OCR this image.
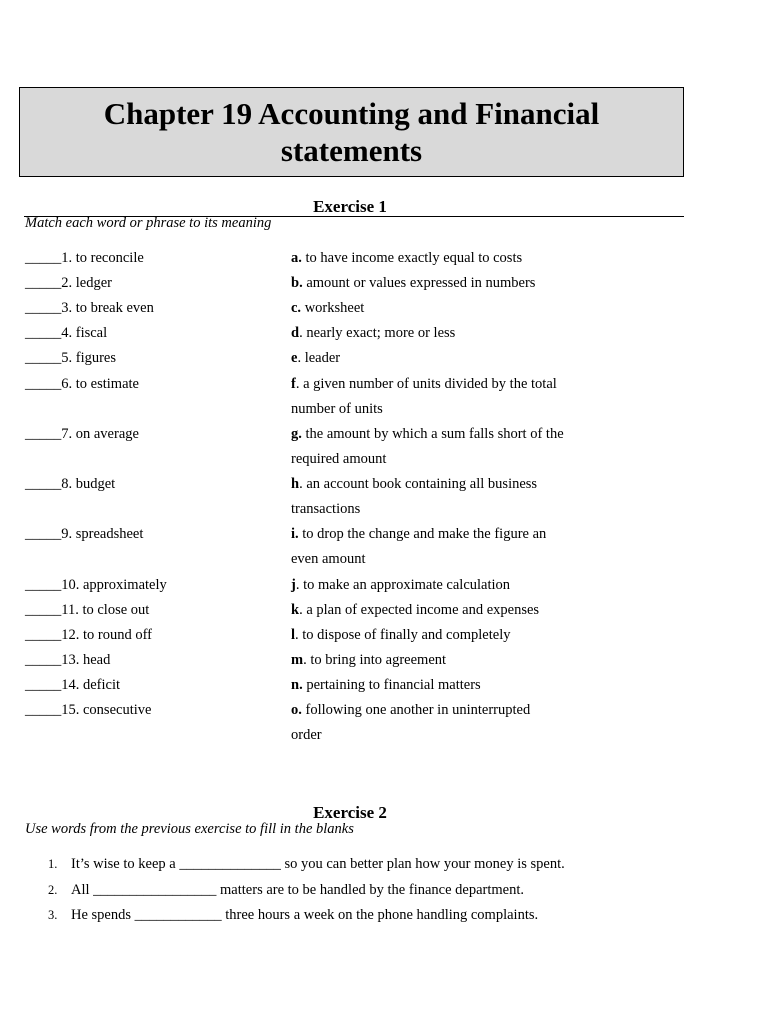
Chapter 19 Accounting and Financial statements
Exercise 1
Match each word or phrase to its meaning
_____1. to reconcile
_____2. ledger
_____3. to break even
_____4. fiscal
_____5. figures
_____6. to estimate
_____7. on average
_____8. budget
_____9. spreadsheet
_____10. approximately
_____11. to close out
_____12. to round off
_____13. head
_____14. deficit
_____15. consecutive
a. to have income exactly equal to costs
b. amount or values expressed in numbers
c. worksheet
d. nearly exact; more or less
e. leader
f. a given number of units divided by the total number of units
g. the amount by which a sum falls short of the required amount
h. an account book containing all business transactions
i. to drop the change and make the figure an even amount
j. to make an approximate calculation
k. a plan of expected income and expenses
l. to dispose of finally and completely
m. to bring into agreement
n. pertaining to financial matters
o. following one another in uninterrupted order
Exercise 2
Use words from the previous exercise to fill in the blanks
1. It’s wise to keep a ______________ so you can better plan how your money is spent.
2. All _________________ matters are to be handled by the finance department.
3. He spends ____________ three hours a week on the phone handling complaints.
